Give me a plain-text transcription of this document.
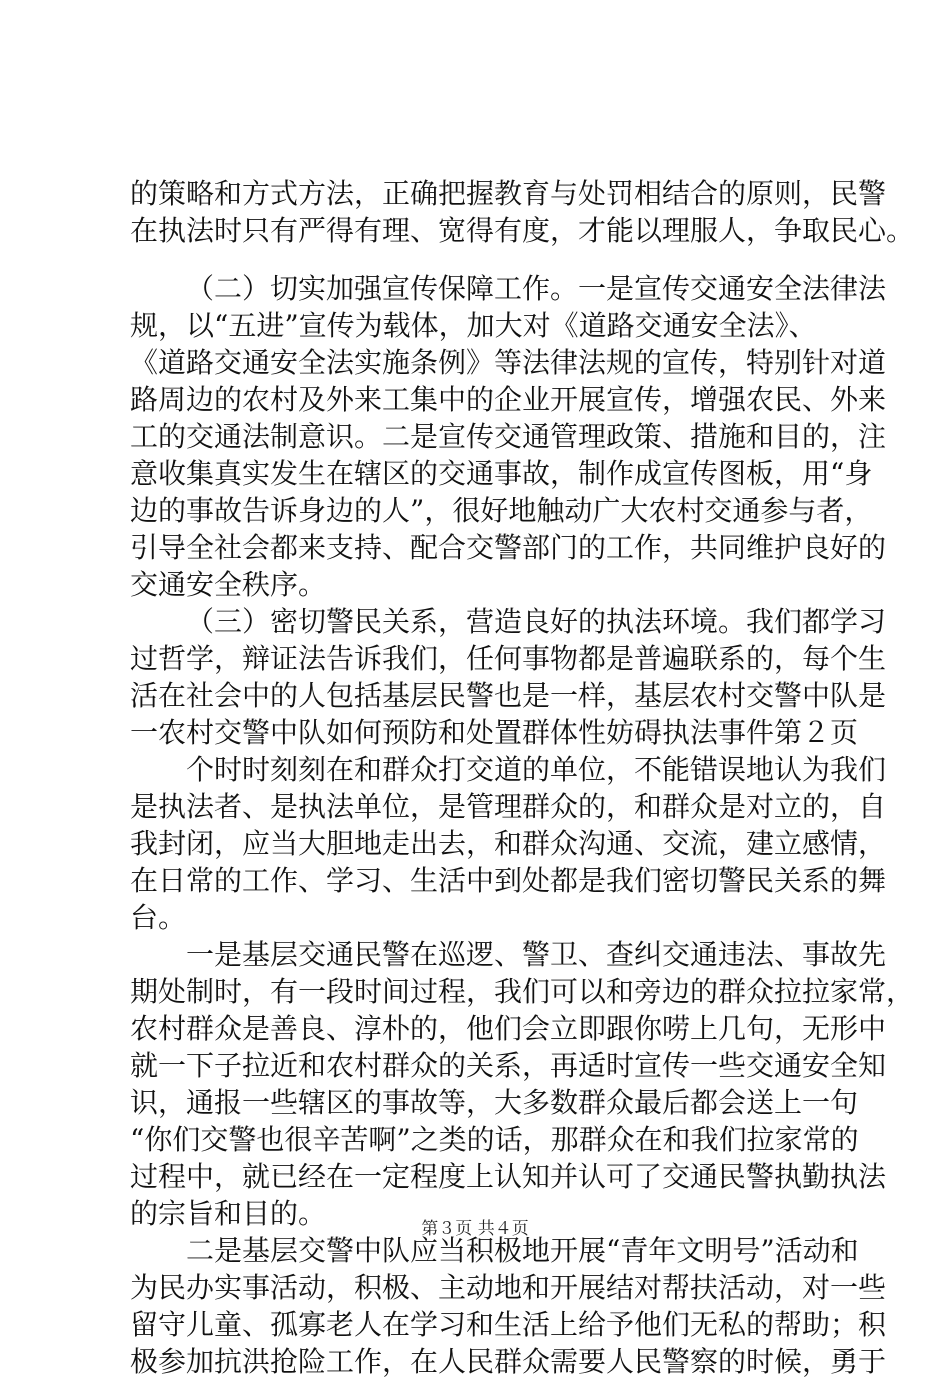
的策略和方式方法，正确把握教育与处罚相结合的原则，民警
在执法时只有严得有理、宽得有度，才能以理服人，争取民心。
（二）切实加强宣传保障工作。一是宣传交通安全法律法
规，以“五进”宣传为载体，加大对《道路交通安全法》、
《道路交通安全法实施条例》等法律法规的宣传，特别针对道
路周边的农村及外来工集中的企业开展宣传，增强农民、外来
工的交通法制意识。二是宣传交通管理政策、措施和目的，注
意收集真实发生在辖区的交通事故，制作成宣传图板，用“身
边的事故告诉身边的人”，很好地触动广大农村交通参与者，
引导全社会都来支持、配合交警部门的工作，共同维护良好的
交通安全秩序。
（三）密切警民关系，营造良好的执法环境。我们都学习
过哲学，辩证法告诉我们，任何事物都是普遍联系的，每个生
活在社会中的人包括基层民警也是一样，基层农村交警中队是
一农村交警中队如何预防和处置群体性妨碍执法事件第２页
个时时刻刻在和群众打交道的单位，不能错误地认为我们
是执法者、是执法单位，是管理群众的，和群众是对立的，自
我封闭，应当大胆地走出去，和群众沟通、交流，建立感情，
在日常的工作、学习、生活中到处都是我们密切警民关系的舞
台。
一是基层交通民警在巡逻、警卫、查纠交通违法、事故先
期处制时，有一段时间过程，我们可以和旁边的群众拉拉家常，
农村群众是善良、淳朴的，他们会立即跟你唠上几句，无形中
就一下子拉近和农村群众的关系，再适时宣传一些交通安全知
识，通报一些辖区的事故等，大多数群众最后都会送上一句
“你们交警也很辛苦啊”之类的话，那群众在和我们拉家常的
过程中，就已经在一定程度上认知并认可了交通民警执勤执法
的宗旨和目的。
二是基层交警中队应当积极地开展“青年文明号”活动和
为民办实事活动，积极、主动地和开展结对帮扶活动，对一些
留守儿童、孤寡老人在学习和生活上给予他们无私的帮助；积
极参加抗洪抢险工作，在人民群众需要人民警察的时候，勇于
第３页 共４页
